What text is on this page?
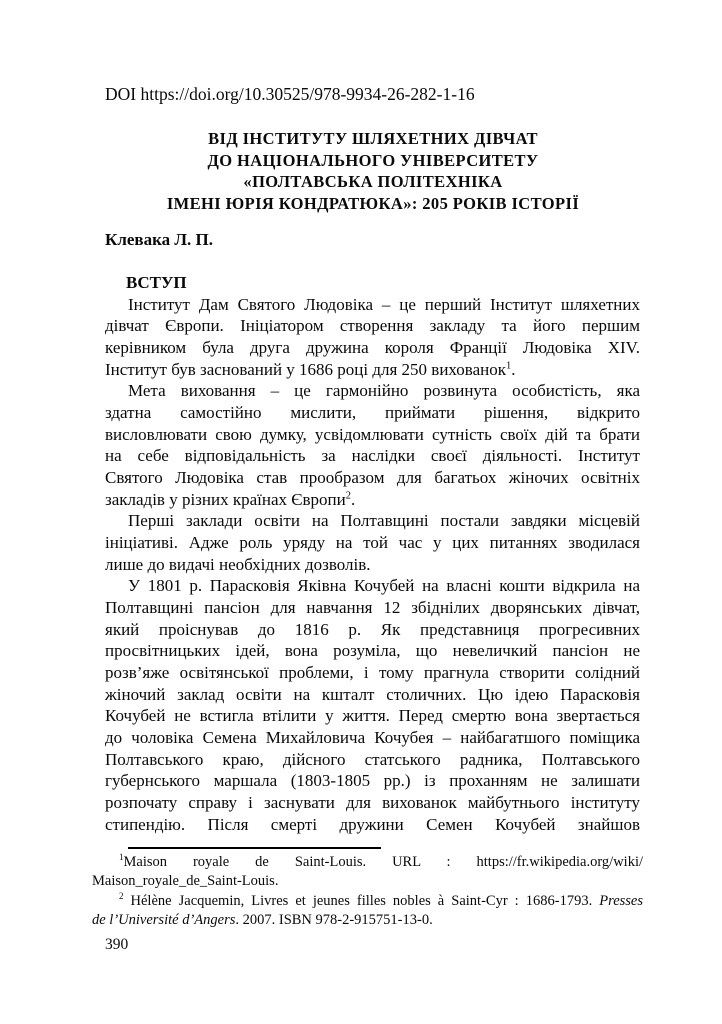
DOI https://doi.org/10.30525/978-9934-26-282-1-16
ВІД ІНСТИТУТУ ШЛЯХЕТНИХ ДІВЧАТ
ДО НАЦІОНАЛЬНОГО УНІВЕРСИТЕТУ
«ПОЛТАВСЬКА ПОЛІТЕХНІКА
ІМЕНІ ЮРІЯ КОНДРАТЮКА»: 205 РОКІВ ІСТОРІЇ
Клевака Л. П.
ВСТУП
Інститут Дам Святого Людовіка – це перший Інститут шляхетних
дівчат Європи. Ініціатором створення закладу та його першим
керівником була друга дружина короля Франції Людовіка XIV.
Інститут був заснований у 1686 році для 250 вихованок$^1$.
Мета виховання – це гармонійно розвинута особистість, яка
здатна самостійно мислити, приймати рішення, відкрито
висловлювати свою думку, усвідомлювати сутність своїх дій та брати
на себе відповідальність за наслідки своєї діяльності. Інститут
Святого Людовіка став прообразом для багатьох жіночих освітніх
закладів у різних країнах Європи$^2$.
Перші заклади освіти на Полтавщині постали завдяки місцевій
ініціативі. Адже роль уряду на той час у цих питаннях зводилася
лише до видачі необхідних дозволів.
У 1801 р. Парасковія Яківна Кочубей на власні кошти відкрила на
Полтавщині пансіон для навчання 12 збіднілих дворянських дівчат,
який проіснував до 1816 р. Як представниця прогресивних
просвітницьких ідей, вона розуміла, що невеличкий пансіон не
розв’яже освітянської проблеми, і тому прагнула створити солідний
жіночий заклад освіти на кшталт столичних. Цю ідею Парасковія
Кочубей не встигла втілити у життя. Перед смертю вона звертається
до чоловіка Семена Михайловича Кочубея – найбагатшого поміщика
Полтавського краю, дійсного статського радника, Полтавського
губернського маршала (1803-1805 рр.) із проханням не залишати
розпочату справу і заснувати для вихованок майбутнього інституту
стипендію. Після смерті дружини Семен Кочубей знайшов
$^1$Maison royale de Saint-Louis. URL : https://fr.wikipedia.org/wiki/
Maison_royale_de_Saint-Louis.
$^2$ Hélène Jacquemin, Livres et jeunes filles nobles à Saint-Cyr : 1686-1793. Presses
de l’Université d’Angers. 2007. ISBN 978-2-915751-13-0.
390
